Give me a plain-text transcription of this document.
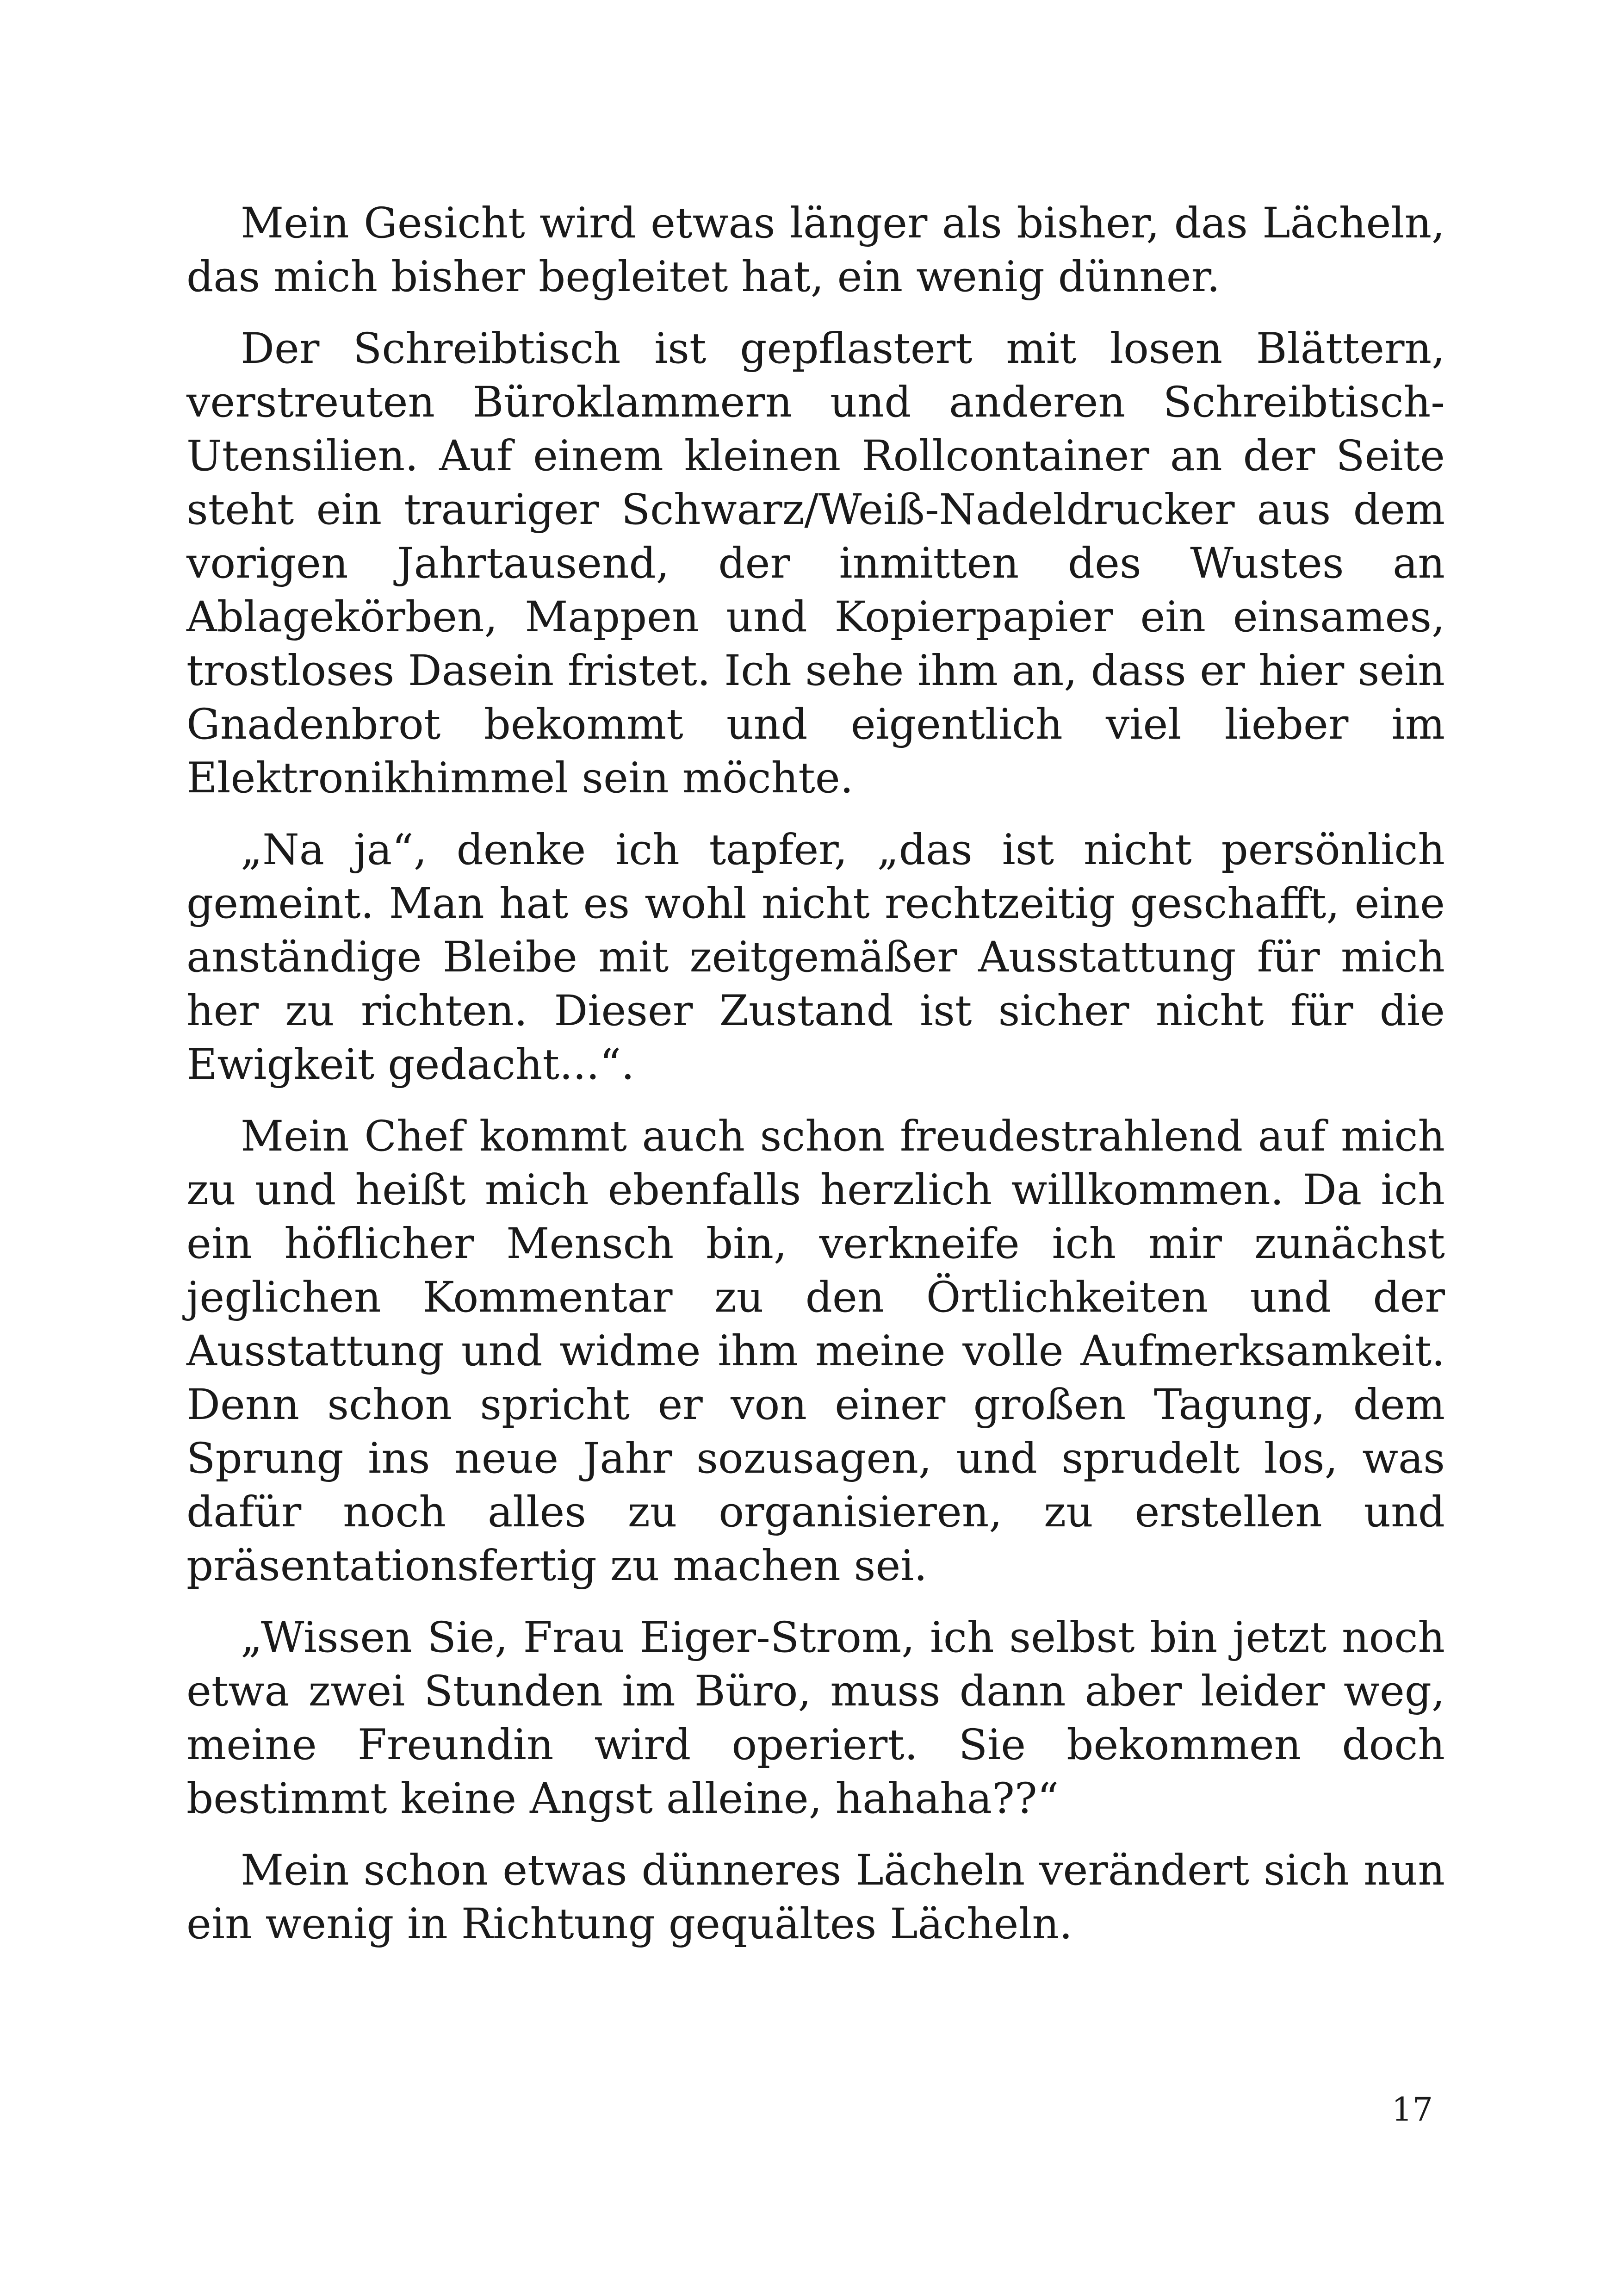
Mein Gesicht wird etwas länger als bisher, das Lächeln, das mich bisher begleitet hat, ein wenig dünner.

Der Schreibtisch ist gepflastert mit losen Blättern, verstreuten Büroklammern und anderen Schreibtisch-Utensilien. Auf einem kleinen Rollcontainer an der Seite steht ein trauriger Schwarz/Weiß-Nadeldrucker aus dem vorigen Jahrtausend, der inmitten des Wustes an Ablagekörben, Mappen und Kopierpapier ein einsames, trostloses Dasein fristet. Ich sehe ihm an, dass er hier sein Gnadenbrot bekommt und eigentlich viel lieber im Elektronikhimmel sein möchte.

„Na ja“, denke ich tapfer, „das ist nicht persönlich gemeint. Man hat es wohl nicht rechtzeitig geschafft, eine anständige Bleibe mit zeitgemäßer Ausstattung für mich her zu richten. Dieser Zustand ist sicher nicht für die Ewigkeit gedacht...“.

Mein Chef kommt auch schon freudestrahlend auf mich zu und heißt mich ebenfalls herzlich willkommen. Da ich ein höflicher Mensch bin, verkneife ich mir zunächst jeglichen Kommentar zu den Örtlichkeiten und der Ausstattung und widme ihm meine volle Aufmerksamkeit. Denn schon spricht er von einer großen Tagung, dem Sprung ins neue Jahr sozusagen, und sprudelt los, was dafür noch alles zu organisieren, zu erstellen und präsentationsfertig zu machen sei.

„Wissen Sie, Frau Eiger-Strom, ich selbst bin jetzt noch etwa zwei Stunden im Büro, muss dann aber leider weg, meine Freundin wird operiert. Sie bekommen doch bestimmt keine Angst alleine, hahaha??“

Mein schon etwas dünneres Lächeln verändert sich nun ein wenig in Richtung gequältes Lächeln.

17
